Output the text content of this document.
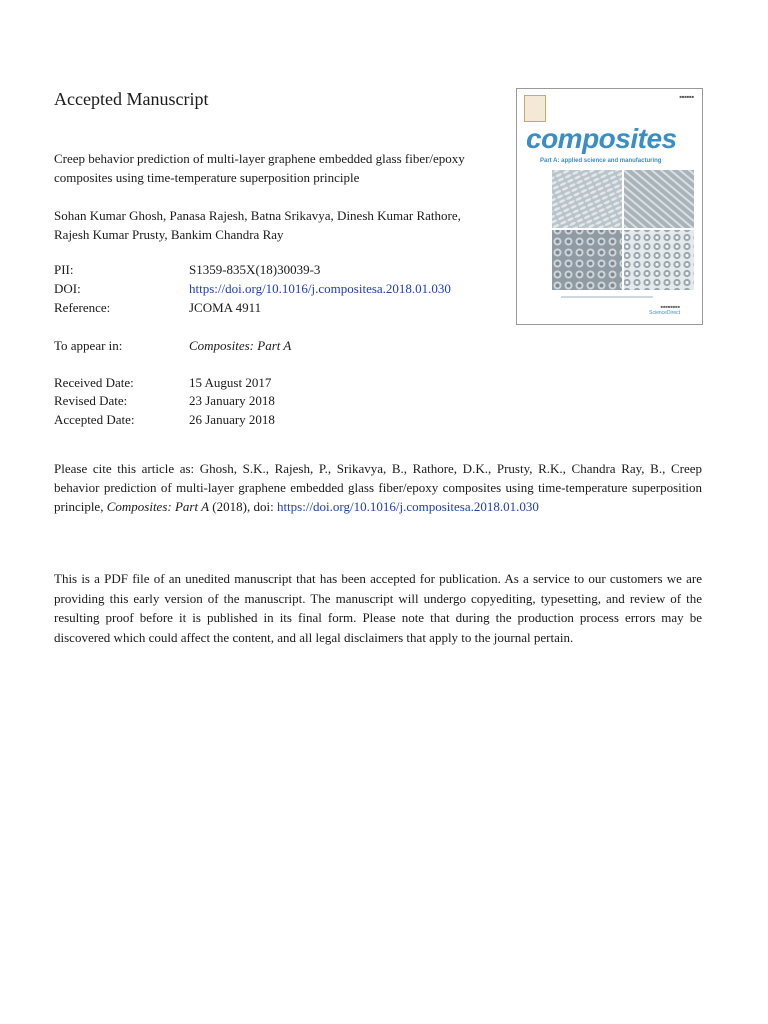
Accepted Manuscript
Creep behavior prediction of multi-layer graphene embedded glass fiber/epoxy
composites using time-temperature superposition principle
Sohan Kumar Ghosh, Panasa Rajesh, Batna Srikavya, Dinesh Kumar Rathore,
Rajesh Kumar Prusty, Bankim Chandra Ray
PII:	S1359-835X(18)30039-3
DOI:	https://doi.org/10.1016/j.compositesa.2018.01.030
Reference:	JCOMA 4911
To appear in:	Composites: Part A
Received Date:	15 August 2017
Revised Date:	23 January 2018
Accepted Date:	26 January 2018
Please cite this article as: Ghosh, S.K., Rajesh, P., Srikavya, B., Rathore, D.K., Prusty, R.K., Chandra Ray, B., Creep behavior prediction of multi-layer graphene embedded glass fiber/epoxy composites using time-temperature superposition principle, Composites: Part A (2018), doi: https://doi.org/10.1016/j.compositesa.2018.01.030
This is a PDF file of an unedited manuscript that has been accepted for publication. As a service to our customers we are providing this early version of the manuscript. The manuscript will undergo copyediting, typesetting, and review of the resulting proof before it is published in its final form. Please note that during the production process errors may be discovered which could affect the content, and all legal disclaimers that apply to the journal pertain.
■■■■■■
composites
Part A: applied science and manufacturing
■■■■■■■■
ScienceDirect
